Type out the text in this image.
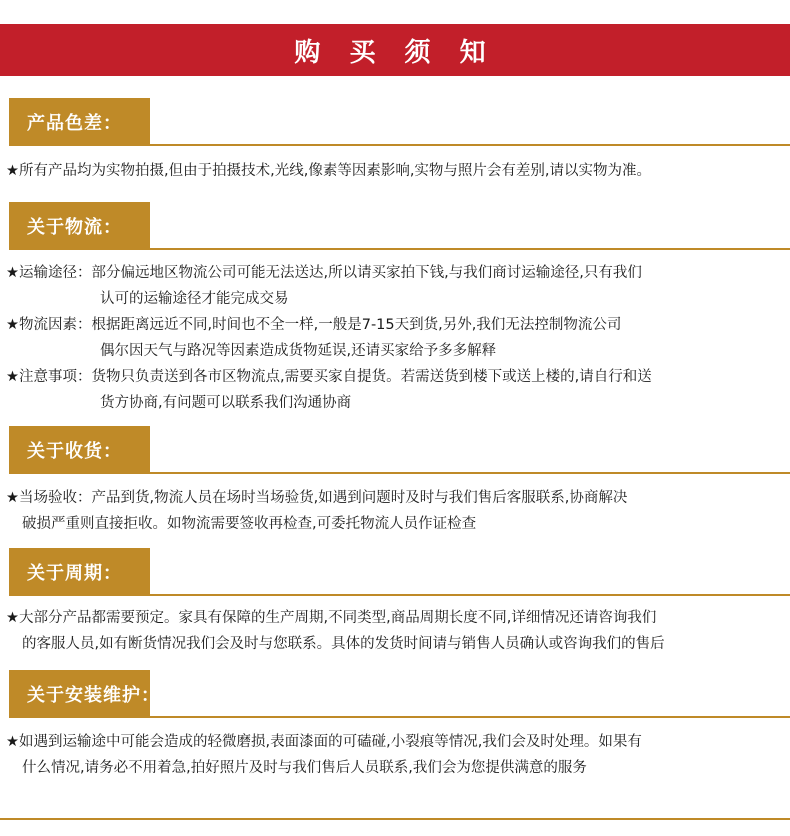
购 买 须 知
产品色差：
★所有产品均为实物拍摄,但由于拍摄技术,光线,像素等因素影响,实物与照片会有差别,请以实物为准。
关于物流：
★运输途径：部分偏远地区物流公司可能无法送达,所以请买家拍下钱,与我们商讨运输途径,只有我们
认可的运输途径才能完成交易
★物流因素：根据距离远近不同,时间也不全一样,一般是7-15天到货,另外,我们无法控制物流公司
偶尔因天气与路况等因素造成货物延误,还请买家给予多多解释
★注意事项：货物只负责送到各市区物流点,需要买家自提货。若需送货到楼下或送上楼的,请自行和送
货方协商,有问题可以联系我们沟通协商
关于收货：
★当场验收：产品到货,物流人员在场时当场验货,如遇到问题时及时与我们售后客服联系,协商解决
破损严重则直接拒收。如物流需要签收再检查,可委托物流人员作证检查
关于周期：
★大部分产品都需要预定。家具有保障的生产周期,不同类型,商品周期长度不同,详细情况还请咨询我们
的客服人员,如有断货情况我们会及时与您联系。具体的发货时间请与销售人员确认或咨询我们的售后
关于安装维护：
★如遇到运输途中可能会造成的轻微磨损,表面漆面的可磕碰,小裂痕等情况,我们会及时处理。如果有
什么情况,请务必不用着急,拍好照片及时与我们售后人员联系,我们会为您提供满意的服务
